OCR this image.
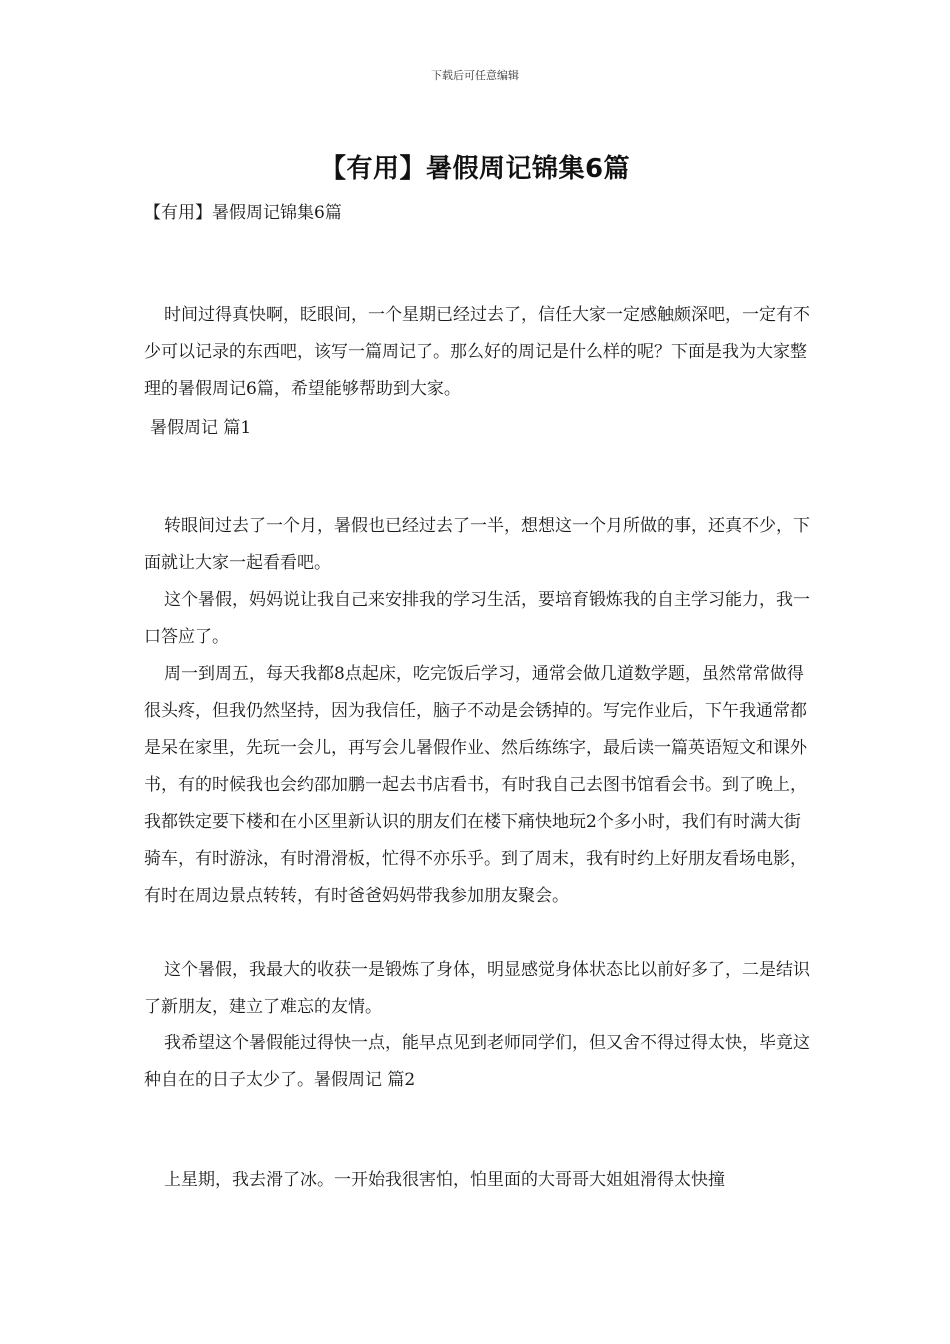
下载后可任意编辑
【有用】暑假周记锦集6篇
【有用】暑假周记锦集6篇

时间过得真快啊，眨眼间，一个星期已经过去了，信任大家一定感触颇深吧，一定有不少可以记录的东西吧，该写一篇周记了。那么好的周记是什么样的呢？下面是我为大家整理的暑假周记6篇，希望能够帮助到大家。

暑假周记 篇1

转眼间过去了一个月，暑假也已经过去了一半，想想这一个月所做的事，还真不少，下面就让大家一起看看吧。

这个暑假，妈妈说让我自己来安排我的学习生活，要培育锻炼我的自主学习能力，我一口答应了。

周一到周五，每天我都8点起床，吃完饭后学习，通常会做几道数学题，虽然常常做得很头疼，但我仍然坚持，因为我信任，脑子不动是会锈掉的。写完作业后，下午我通常都是呆在家里，先玩一会儿，再写会儿暑假作业、然后练练字，最后读一篇英语短文和课外书，有的时候我也会约邵加鹏一起去书店看书，有时我自己去图书馆看会书。到了晚上，我都铁定要下楼和在小区里新认识的朋友们在楼下痛快地玩2个多小时，我们有时满大街骑车，有时游泳，有时滑滑板，忙得不亦乐乎。到了周末，我有时约上好朋友看场电影，有时在周边景点转转，有时爸爸妈妈带我参加朋友聚会。

这个暑假，我最大的收获一是锻炼了身体，明显感觉身体状态比以前好多了，二是结识了新朋友，建立了难忘的友情。

我希望这个暑假能过得快一点，能早点见到老师同学们，但又舍不得过得太快，毕竟这种自在的日子太少了。暑假周记 篇2

上星期，我去滑了冰。一开始我很害怕，怕里面的大哥哥大姐姐滑得太快撞
